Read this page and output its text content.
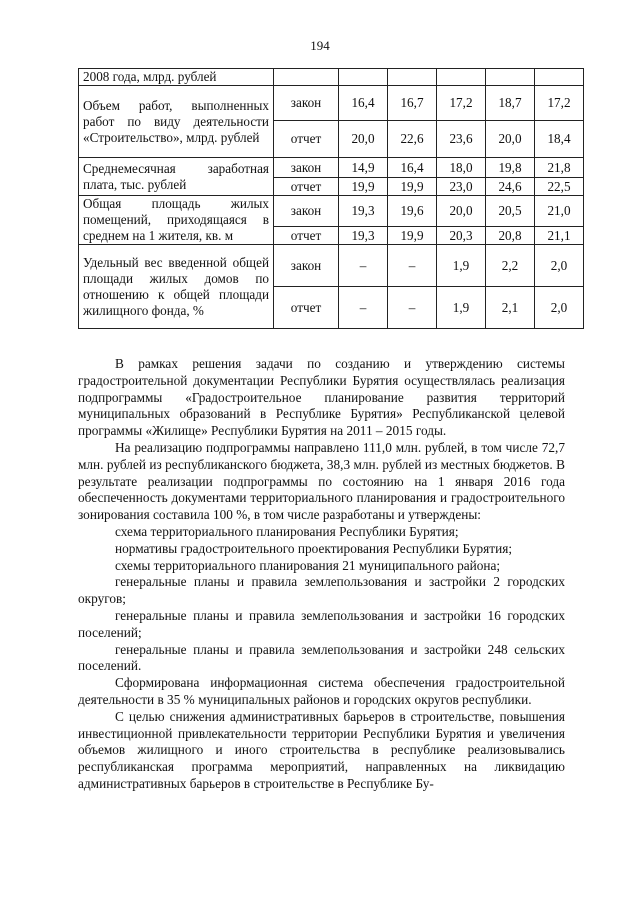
194
2008 года, млрд. рублей						
Объем работ, выполненных работ по виду деятельности «Строительство», млрд. рублей	закон	16,4	16,7	17,2	18,7	17,2
	отчет	20,0	22,6	23,6	20,0	18,4
Среднемесячная заработная плата, тыс. рублей	закон	14,9	16,4	18,0	19,8	21,8
	отчет	19,9	19,9	23,0	24,6	22,5
Общая площадь жилых помещений, приходящаяся в среднем на 1 жителя, кв. м	закон	19,3	19,6	20,0	20,5	21,0
	отчет	19,3	19,9	20,3	20,8	21,1
Удельный вес введенной общей площади жилых домов по отношению к общей площади жилищного фонда, %	закон	–	–	1,9	2,2	2,0
	отчет	–	–	1,9	2,1	2,0

В рамках решения задачи по созданию и утверждению системы градостроительной документации Республики Бурятия осуществлялась реализация подпрограммы «Градостроительное планирование развития территорий муниципальных образований в Республике Бурятия» Республиканской целевой программы «Жилище» Республики Бурятия на 2011 – 2015 годы.

На реализацию подпрограммы направлено 111,0 млн. рублей, в том числе 72,7 млн. рублей из республиканского бюджета, 38,3 млн. рублей из местных бюджетов. В результате реализации подпрограммы по состоянию на 1 января 2016 года обеспеченность документами территориального планирования и градостроительного зонирования составила 100 %, в том числе разработаны и утверждены:

схема территориального планирования Республики Бурятия;

нормативы градостроительного проектирования Республики Бурятия;

схемы территориального планирования 21 муниципального района;

генеральные планы и правила землепользования и застройки 2 городских округов;

генеральные планы и правила землепользования и застройки 16 городских поселений;

генеральные планы и правила землепользования и застройки 248 сельских поселений.

Сформирована информационная система обеспечения градостроительной деятельности в 35 % муниципальных районов и городских округов республики.

С целью снижения административных барьеров в строительстве, повышения инвестиционной привлекательности территории Республики Бурятия и увеличения объемов жилищного и иного строительства в республике реализовывались республиканская программа мероприятий, направленных на ликвидацию административных барьеров в строительстве в Республике Бу-
